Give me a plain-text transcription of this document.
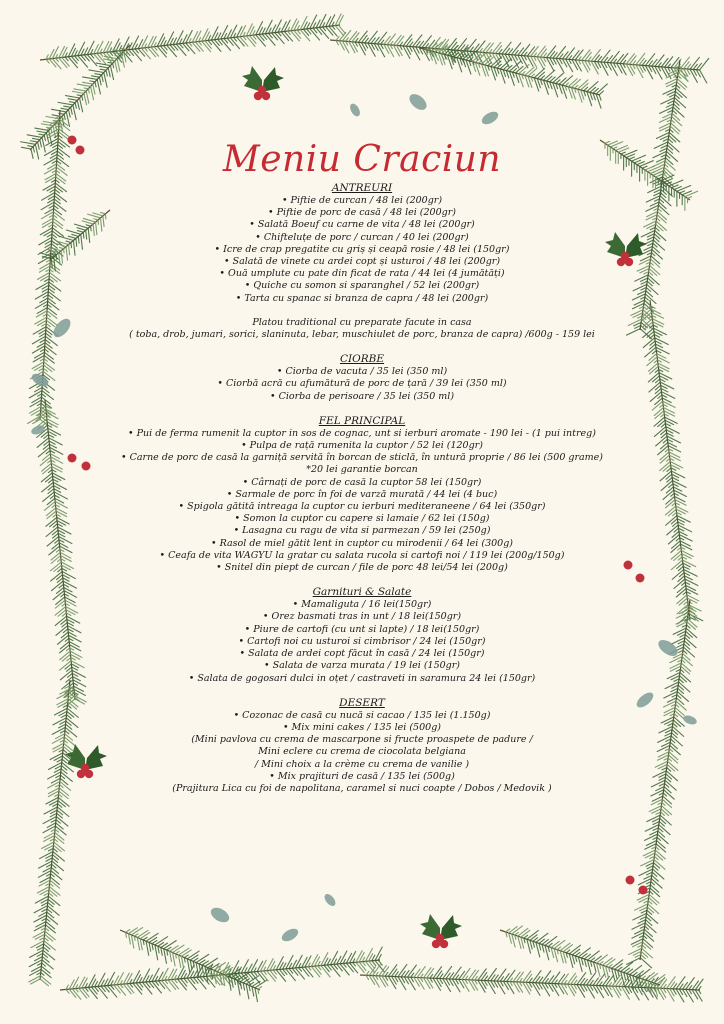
Meniu Craciun
ANTREURI
• Piftie de curcan / 48 lei (200gr)
• Piftie de porc de casă / 48 lei (200gr)
• Salată Boeuf cu carne de vita / 48 lei (200gr)
• Chifteluțe de porc / curcan / 40 lei (200gr)
• Icre de crap pregatite cu griș și ceapă rosie / 48 lei (150gr)
• Salată de vinete cu ardei copt și usturoi / 48 lei (200gr)
• Ouă umplute cu pate din ficat de rata / 44 lei (4 jumătăți)
• Quiche cu somon si sparanghel / 52 lei (200gr)
• Tarta cu spanac si branza de capra / 48 lei (200gr)
Platou traditional cu preparate facute in casa
( toba, drob, jumari, sorici, slaninuta, lebar, muschiulet de porc, branza de capra) /600g - 159 lei
CIORBE
• Ciorba de vacuta / 35 lei (350 ml)
• Ciorbă acră cu afumătură de porc de țară / 39 lei (350 ml)
• Ciorba de perisoare / 35 lei (350 ml)
FEL PRINCIPAL
• Pui de ferma rumenit la cuptor in sos de cognac, unt si ierburi aromate - 190 lei - (1 pui intreg)
• Pulpa de rață rumenita la cuptor / 52 lei (120gr)
• Carne de porc de casă la garniță servită în borcan de sticlă, în untură proprie / 86 lei (500 grame)
*20 lei garantie borcan
• Cârnați de porc de casă la cuptor 58 lei (150gr)
• Sarmale de porc în foi de varză murată / 44 lei (4 buc)
• Spigola gătită intreaga la cuptor cu ierburi mediteraneene / 64 lei (350gr)
• Somon la cuptor cu capere si lamaie / 62 lei (150g)
• Lasagna cu ragu de vita si parmezan / 59 lei (250g)
• Rasol de miel gătit lent in cuptor cu mirodenii / 64 lei (300g)
• Ceafa de vita WAGYU la gratar cu salata rucola si cartofi noi / 119 lei (200g/150g)
• Snitel din piept de curcan / file de porc 48 lei/54 lei (200g)
Garnituri & Salate
• Mamaliguta / 16 lei(150gr)
• Orez basmati tras in unt / 18 lei(150gr)
• Piure de cartofi (cu unt si lapte) / 18 lei(150gr)
• Cartofi noi cu usturoi si cimbrisor / 24 lei (150gr)
• Salata de ardei copt făcut în casă / 24 lei (150gr)
• Salata de varza murata / 19 lei (150gr)
• Salata de gogosari dulci in oțet / castraveti in saramura 24 lei (150gr)
DESERT
• Cozonac de casă cu nucă si cacao / 135 lei (1.150g)
• Mix mini cakes / 135 lei (500g)
(Mini pavlova cu crema de mascarpone si fructe proaspete de padure /
Mini eclere cu crema de ciocolata belgiana
/ Mini choix a la crème cu crema de vanilie )
• Mix prajituri de casă / 135 lei (500g)
(Prajitura Lica cu foi de napolitana, caramel si nuci coapte / Dobos / Medovik )
